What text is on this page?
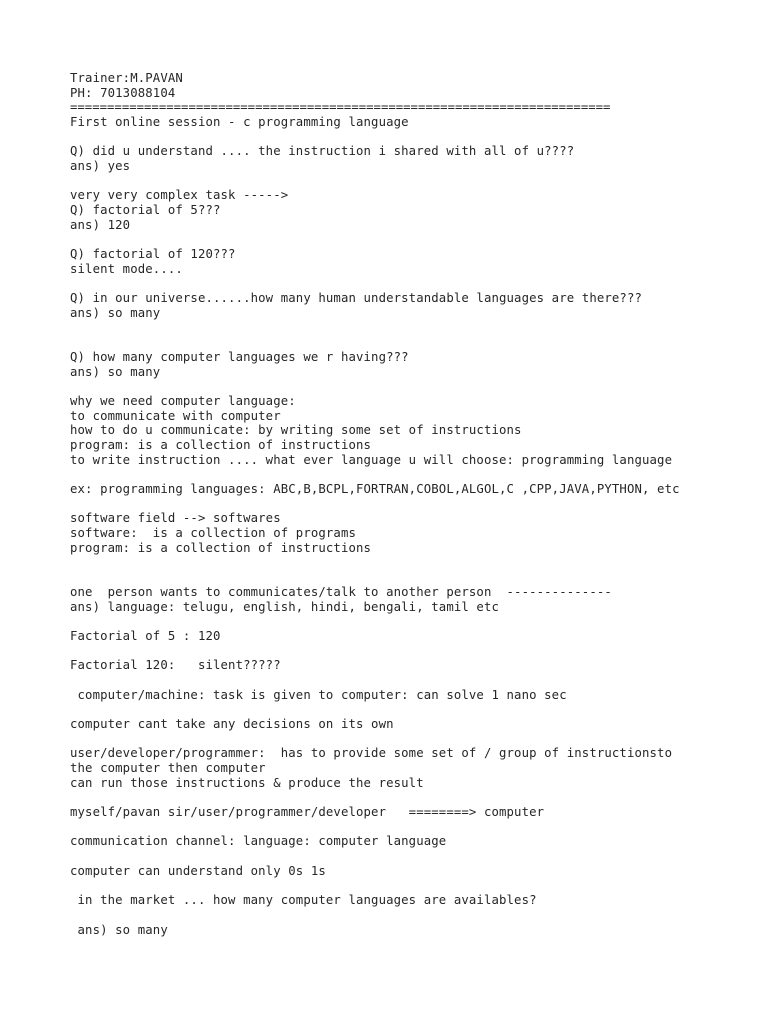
Trainer:M.PAVAN
PH: 7013088104
=========================================================================
First online session - c programming language
Q) did u understand .... the instruction i shared with all of u????
ans) yes
very very complex task ----->
Q) factorial of 5???
ans) 120
Q) factorial of 120???
silent mode....
Q) in our universe......how many human understandable languages are there???
ans) so many
Q) how many computer languages we r having???
ans) so many
why we need computer language:
to communicate with computer
how to do u communicate: by writing some set of instructions
program: is a collection of instructions
to write instruction .... what ever language u will choose: programming language
ex: programming languages: ABC,B,BCPL,FORTRAN,COBOL,ALGOL,C ,CPP,JAVA,PYTHON, etc
software field --> softwares
software:  is a collection of programs
program: is a collection of instructions
one  person wants to communicates/talk to another person  --------------
ans) language: telugu, english, hindi, bengali, tamil etc
Factorial of 5 : 120
Factorial 120:   silent?????
computer/machine: task is given to computer: can solve 1 nano sec
computer cant take any decisions on its own
user/developer/programmer:  has to provide some set of / group of instructionsto
the computer then computer
can run those instructions & produce the result
myself/pavan sir/user/programmer/developer   ========> computer
communication channel: language: computer language
computer can understand only 0s 1s
in the market ... how many computer languages are availables?
ans) so many
